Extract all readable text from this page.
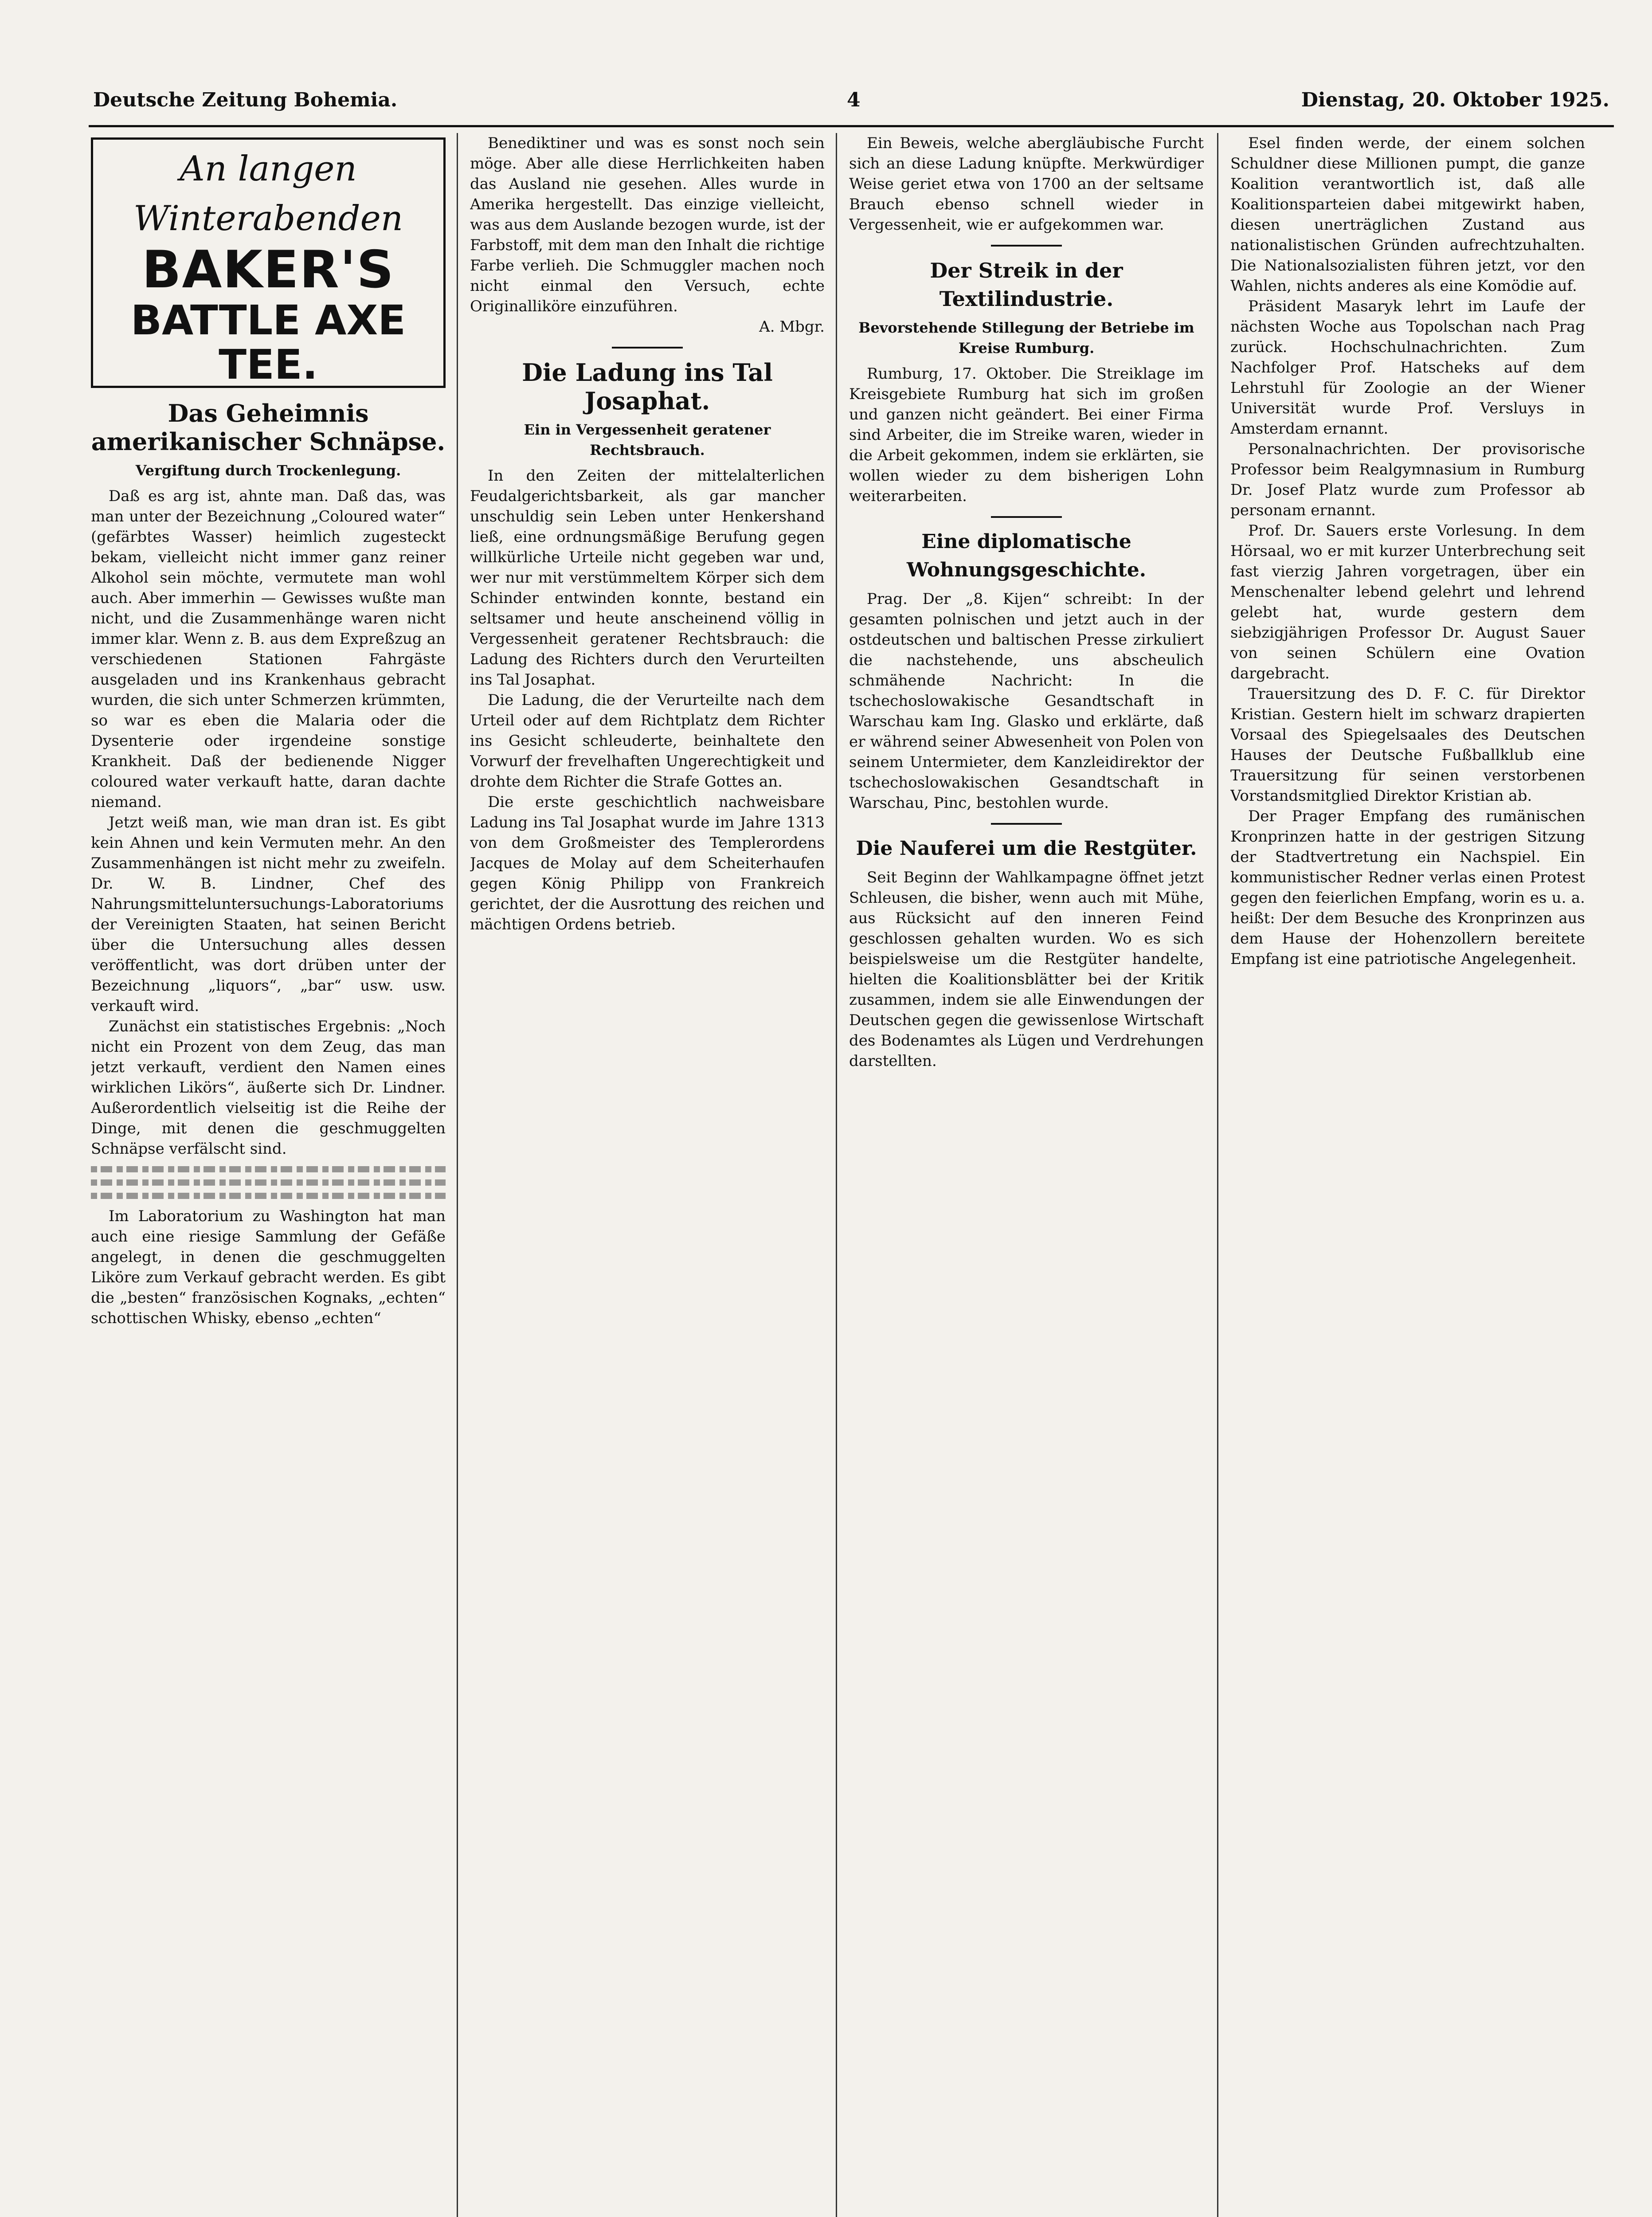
Deutsche Zeitung Bohemia.	4	Dienstag, 20. Oktober 1925.
An langen
Winterabenden
BAKER'S
BATTLE AXE TEE.
Das Geheimnis amerikanischer Schnäpse.
Vergiftung durch Trockenlegung.

Daß es arg ist, ahnte man. Daß das, was man unter der Bezeichnung „Coloured water“ (gefärbtes Wasser) heimlich zugesteckt bekam, vielleicht nicht immer ganz reiner Alkohol sein möchte, vermutete man wohl auch. Aber immerhin — Gewisses wußte man nicht, und die Zusammenhänge waren nicht immer klar. Wenn z. B. aus dem Expreßzug an verschiedenen Stationen Fahrgäste ausgeladen und ins Krankenhaus gebracht wurden, die sich unter Schmerzen krümmten, so war es eben die Malaria oder die Dysenterie oder irgendeine sonstige Krankheit. Daß der bedienende Nigger coloured water verkauft hatte, daran dachte niemand.

Jetzt weiß man, wie man dran ist. Es gibt kein Ahnen und kein Vermuten mehr. An den Zusammenhängen ist nicht mehr zu zweifeln. Dr. W. B. Lindner, Chef des Nahrungsmitteluntersuchungs-Laboratoriums der Vereinigten Staaten, hat seinen Bericht über die Untersuchung alles dessen veröffentlicht, was dort drüben unter der Bezeichnung „liquors“, „bar“ usw. usw. verkauft wird.

Zunächst ein statistisches Ergebnis: „Noch nicht ein Prozent von dem Zeug, das man jetzt verkauft, verdient den Namen eines wirklichen Likörs“, äußerte sich Dr. Lindner. Außerordentlich vielseitig ist die Reihe der Dinge, mit denen die geschmuggelten Schnäpse verfälscht sind.

Im Laboratorium zu Washington hat man auch eine riesige Sammlung der Gefäße angelegt, in denen die geschmuggelten Liköre zum Verkauf gebracht werden. Es gibt die „besten“ französischen Kognaks, „echten“ schottischen Whisky, ebenso „echten“

Benediktiner und was es sonst noch sein möge. Aber alle diese Herrlichkeiten haben das Ausland nie gesehen. Alles wurde in Amerika hergestellt. Das einzige vielleicht, was aus dem Auslande bezogen wurde, ist der Farbstoff, mit dem man den Inhalt die richtige Farbe verlieh. Die Schmuggler machen noch nicht einmal den Versuch, echte Originalliköre einzuführen.

A. Mbgr.
Die Ladung ins Tal Josaphat.
Ein in Vergessenheit geratener Rechtsbrauch.

In den Zeiten der mittelalterlichen Feudalgerichtsbarkeit, als gar mancher unschuldig sein Leben unter Henkershand ließ, eine ordnungsmäßige Berufung gegen willkürliche Urteile nicht gegeben war und, wer nur mit verstümmeltem Körper sich dem Schinder entwinden konnte, bestand ein seltsamer und heute anscheinend völlig in Vergessenheit geratener Rechtsbrauch: die Ladung des Richters durch den Verurteilten ins Tal Josaphat.

Die Ladung, die der Verurteilte nach dem Urteil oder auf dem Richtplatz dem Richter ins Gesicht schleuderte, beinhaltete den Vorwurf der frevelhaften Ungerechtigkeit und drohte dem Richter die Strafe Gottes an.

Die erste geschichtlich nachweisbare Ladung ins Tal Josaphat wurde im Jahre 1313 von dem Großmeister des Templerordens Jacques de Molay auf dem Scheiterhaufen gegen König Philipp von Frankreich gerichtet, der die Ausrottung des reichen und mächtigen Ordens betrieb.

Ein Beweis, welche abergläubische Furcht sich an diese Ladung knüpfte. Merkwürdiger Weise geriet etwa von 1700 an der seltsame Brauch ebenso schnell wieder in Vergessenheit, wie er aufgekommen war.

Der Streik in der Textilindustrie.
Bevorstehende Stillegung der Betriebe im Kreise Rumburg.

Rumburg, 17. Oktober. Die Streiklage im Kreisgebiete Rumburg hat sich im großen und ganzen nicht geändert. Bei einer Firma sind Arbeiter, die im Streike waren, wieder in die Arbeit gekommen, indem sie erklärten, sie wollen wieder zu dem bisherigen Lohn weiterarbeiten.

Eine diplomatische Wohnungsgeschichte.

Prag. Der „8. Kijen“ schreibt: In der gesamten polnischen und jetzt auch in der ostdeutschen und baltischen Presse zirkuliert die nachstehende, uns abscheulich schmähende Nachricht: In die tschechoslowakische Gesandtschaft in Warschau kam Ing. Glasko und erklärte, daß er während seiner Abwesenheit von Polen von seinem Untermieter, dem Kanzleidirektor der tschechoslowakischen Gesandtschaft in Warschau, Pinc, bestohlen wurde.

Die Nauferei um die Restgüter.

Seit Beginn der Wahlkampagne öffnet jetzt Schleusen, die bisher, wenn auch mit Mühe, aus Rücksicht auf den inneren Feind geschlossen gehalten wurden. Wo es sich beispielsweise um die Restgüter handelte, hielten die Koalitionsblätter bei der Kritik zusammen, indem sie alle Einwendungen der Deutschen gegen die gewissenlose Wirtschaft des Bodenamtes als Lügen und Verdrehungen darstellten.

Esel finden werde, der einem solchen Schuldner diese Millionen pumpt, die ganze Koalition verantwortlich ist, daß alle Koalitionsparteien dabei mitgewirkt haben, diesen unerträglichen Zustand aus nationalistischen Gründen aufrechtzuhalten. Die Nationalsozialisten führen jetzt, vor den Wahlen, nichts anderes als eine Komödie auf.

Präsident Masaryk lehrt im Laufe der nächsten Woche aus Topolschan nach Prag zurück. Hochschulnachrichten. Zum Nachfolger Prof. Hatscheks auf dem Lehrstuhl für Zoologie an der Wiener Universität wurde Prof. Versluys in Amsterdam ernannt.

Personalnachrichten. Der provisorische Professor beim Realgymnasium in Rumburg Dr. Josef Platz wurde zum Professor ab personam ernannt.

Prof. Dr. Sauers erste Vorlesung. In dem Hörsaal, wo er mit kurzer Unterbrechung seit fast vierzig Jahren vorgetragen, über ein Menschenalter lebend gelehrt und lehrend gelebt hat, wurde gestern dem siebzigjährigen Professor Dr. August Sauer von seinen Schülern eine Ovation dargebracht.

Trauersitzung des D. F. C. für Direktor Kristian. Gestern hielt im schwarz drapierten Vorsaal des Spiegelsaales des Deutschen Hauses der Deutsche Fußballklub eine Trauersitzung für seinen verstorbenen Vorstandsmitglied Direktor Kristian ab.

Der Prager Empfang des rumänischen Kronprinzen hatte in der gestrigen Sitzung der Stadtvertretung ein Nachspiel. Ein kommunistischer Redner verlas einen Protest gegen den feierlichen Empfang, worin es u. a. heißt: Der dem Besuche des Kronprinzen aus dem Hause der Hohenzollern bereitete Empfang ist eine patriotische Angelegenheit.
